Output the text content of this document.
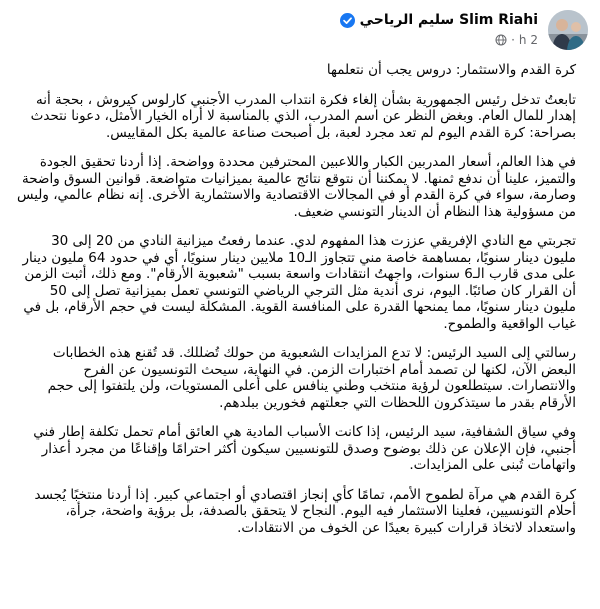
Slim Riahi سليم الرياحي
2 h
·

كرة القدم والاستثمار: دروس يجب أن نتعلمها

تابعتُ تدخل رئيس الجمهورية بشأن إلغاء فكرة انتداب المدرب الأجنبي كارلوس كيروش ، بحجة أنه إهدار للمال العام. وبغض النظر عن اسم المدرب، الذي بالمناسبة لا أراه الخيار الأمثل، دعونا نتحدث بصراحة: كرة القدم اليوم لم تعد مجرد لعبة، بل أصبحت صناعة عالمية بكل المقاييس.

في هذا العالم، أسعار المدربين الكبار واللاعبين المحترفين محددة وواضحة. إذا أردنا تحقيق الجودة والتميز، علينا أن ندفع ثمنها. لا يمكننا أن نتوقع نتائج عالمية بميزانيات متواضعة. قوانين السوق واضحة وصارمة، سواء في كرة القدم أو في المجالات الاقتصادية والاستثمارية الأخرى. إنه نظام عالمي، وليس من مسؤولية هذا النظام أن الدينار التونسي ضعيف.

تجربتي مع النادي الإفريقي عززت هذا المفهوم لدي. عندما رفعتُ ميزانية النادي من 20 إلى 30 مليون دينار سنويًا، بمساهمة خاصة مني تتجاوز الـ10 ملايين دينار سنويًا، أي في حدود 64 مليون دينار على مدى قارب الـ6 سنوات، واجهتُ انتقادات واسعة بسبب "شعبوية الأرقام". ومع ذلك، أثبت الزمن أن القرار كان صائبًا. اليوم، نرى أندية مثل الترجي الرياضي التونسي تعمل بميزانية تصل إلى 50 مليون دينار سنويًا، مما يمنحها القدرة على المنافسة القوية. المشكلة ليست في حجم الأرقام، بل في غياب الواقعية والطموح.

رسالتي إلى السيد الرئيس: لا تدع المزايدات الشعبوية من حولك تُضللك. قد تُقنع هذه الخطابات البعض الآن، لكنها لن تصمد أمام اختبارات الزمن. في النهاية، سيحث التونسيون عن الفرح والانتصارات. سيتطلعون لرؤية منتخب وطني ينافس على أعلى المستويات، ولن يلتفتوا إلى حجم الأرقام بقدر ما سيتذكرون اللحظات التي جعلتهم فخورين ببلدهم.

وفي سياق الشفافية، سيد الرئيس، إذا كانت الأسباب المادية هي العائق أمام تحمل تكلفة إطار فني أجنبي، فإن الإعلان عن ذلك بوضوح وصدق للتونسيين سيكون أكثر احترامًا وإقناعًا من مجرد أعذار واتهامات تُبنى على المزايدات.

كرة القدم هي مرآة لطموح الأمم، تمامًا كأي إنجاز اقتصادي أو اجتماعي كبير. إذا أردنا منتخبًا يُجسد أحلام التونسيين، فعلينا الاستثمار فيه اليوم. النجاح لا يتحقق بالصدفة، بل برؤية واضحة، جرأة، واستعداد لاتخاذ قرارات كبيرة بعيدًا عن الخوف من الانتقادات.
